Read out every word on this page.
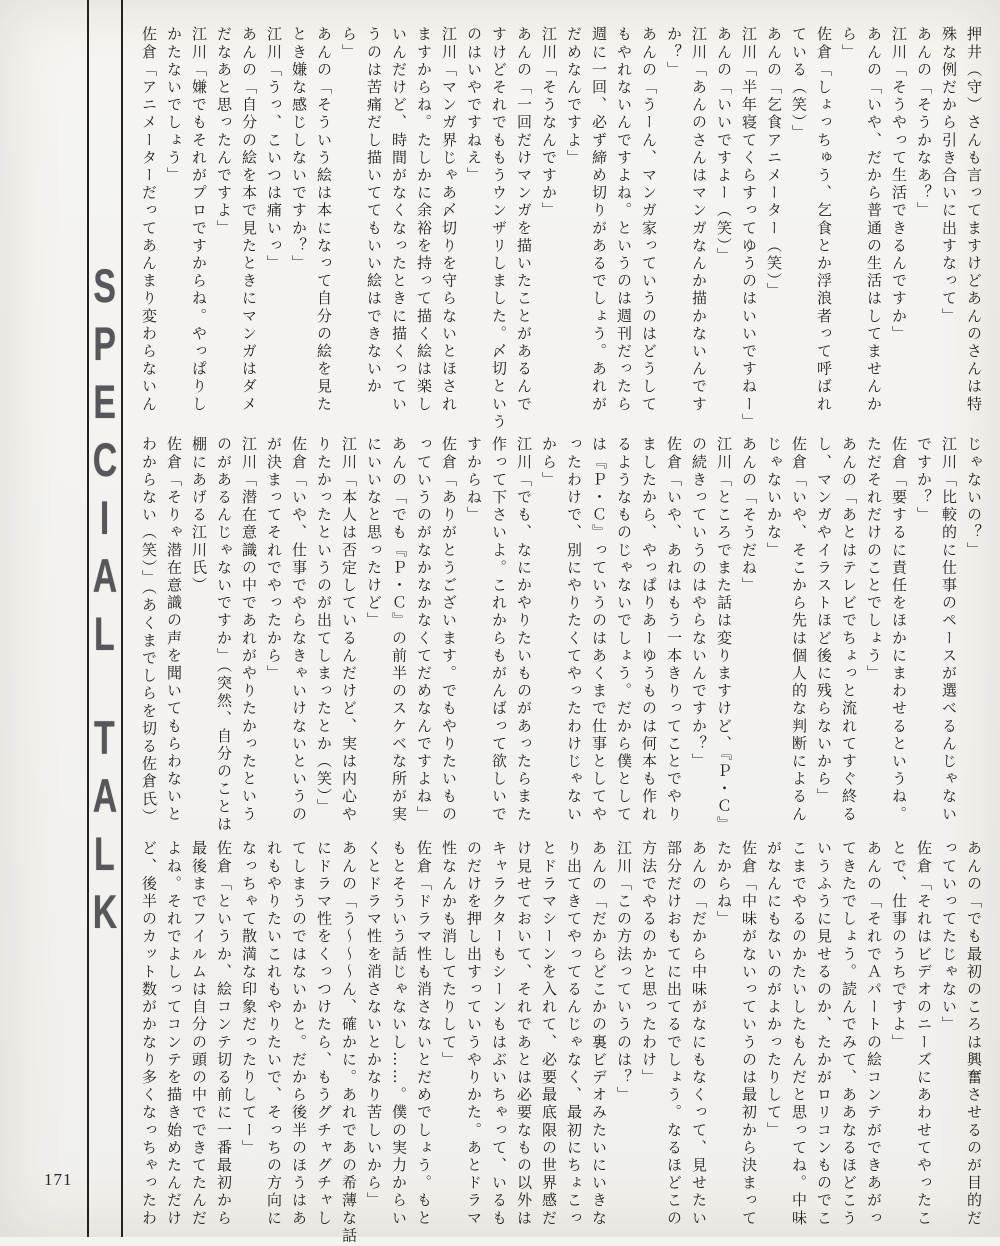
S
P
E
C
I
A
L
T
A
L
K
押井（守）さんも言ってますけどあんのさんは特
殊な例だから引き合いに出すなって」
あんの「そうかなあ？」
江川「そうやって生活できるんですか」
あんの「いや、だから普通の生活はしてませんか
ら」
佐倉「しょっちゅう、乞食とか浮浪者って呼ばれ
ている（笑）」
あんの「乞食アニメーター（笑）」
江川「半年寝てくらすってゆうのはいいですねー」
あんの「いいですよー（笑）」
江川「あんのさんはマンガなんか描かないんです
か？」
あんの「うーん、マンガ家っていうのはどうして
もやれないんですよね。というのは週刊だったら
週に一回、必ず締め切りがあるでしょう。あれが
だめなんですよ」
江川「そうなんですか」
あんの「一回だけマンガを描いたことがあるんで
すけどそれでももうウンザリしました。〆切という
のはいやですねえ」
江川「マンガ界じゃあ〆切りを守らないとほされ
ますからね。たしかに余裕を持って描く絵は楽し
いんだけど、時間がなくなったときに描くってい
うのは苦痛だし描いててもいい絵はできないか
ら」
あんの「そういう絵は本になって自分の絵を見た
とき嫌な感じしないですか？」
江川「うっ、こいつは痛いっ」
あんの「自分の絵を本で見たときにマンガはダメ
だなあと思ったんですよ」
江川「嫌でもそれがプロですからね。やっぱりし
かたないでしょう」
佐倉「アニメーターだってあんまり変わらないん
じゃないの？」
江川「比較的に仕事のペースが選べるんじゃない
ですか？」
佐倉「要するに責任をほかにまわせるというね。
ただそれだけのことでしょう」
あんの「あとはテレビでちょっと流れてすぐ終る
し、マンガやイラストほど後に残らないから」
佐倉「いや、そこから先は個人的な判断によるん
じゃないかな」
あんの「そうだね」
江川「ところでまた話は変りますけど、『Ｐ・Ｃ』
の続きっていうのはやらないんですか？」
佐倉「いや、あれはもう一本きりってことでやり
ましたから、やっぱりあーゆうものは何本も作れ
るようなものじゃないでしょう。だから僕として
は『Ｐ・Ｃ』っていうのはあくまで仕事としてや
ったわけで、別にやりたくてやったわけじゃない
から」
江川「でも、なにかやりたいものがあったらまた
作って下さいよ。これからもがんばって欲しいで
すからね」
佐倉「ありがとうございます。でもやりたいもの
っていうのがなかなかなくてだめなんですよね」
あんの「でも『Ｐ・Ｃ』の前半のスケベな所が実
にいいなと思ったけど」
江川「本人は否定しているんだけど、実は内心や
りたかったというのが出てしまったとか（笑）」
佐倉「いや、仕事でやらなきゃいけないというの
が決まってそれでやったから」
江川「潜在意識の中であれがやりたかったという
のがあるんじゃないですか」（突然、自分のことは
棚にあげる江川氏）
佐倉「そりゃ潜在意識の声を聞いてもらわないと
わからない（笑）」（あくまでしらを切る佐倉氏）
あんの「でも最初のころは興奮させるのが目的だ
っていってたじゃない」
佐倉「それはビデオのニーズにあわせてやったこ
とで、仕事のうちですよ」
あんの「それでＡパートの絵コンテができあがっ
てきたでしょう。読んでみて、ああなるほどこう
いうふうに見せるのか、たかがロリコンものでこ
こまでやるのかたいしたもんだと思ってね。中味
がなんにもないのがよかったりして」
佐倉「中味がないっていうのは最初から決まって
たからね」
あんの「だから中味がなにもなくって、見せたい
部分だけおもてに出てるでしょう。なるほどこの
方法でやるのかと思ったわけ」
江川「この方法っていうのは？」
あんの「だからどこかの裏ビデオみたいにいきな
り出てきてやってるんじゃなく、最初にちょこっ
とドラマシーンを入れて、必要最底限の世界感だ
け見せておいて、それであとは必要なもの以外は
キャラクターもシーンもはぶいちゃって、いるも
のだけを押し出すっていうやりかた。あとドラマ
性なんかも消してたりして」
佐倉「ドラマ性も消さないとだめでしょう。もと
もとそういう話じゃないし……。僕の実力からい
くとドラマ性を消さないとかなり苦しいから」
あんの「う～～～ん、確かに。あれであの希薄な話
にドラマ性をくっつけたら、もうグチャグチャし
てしまうのではないかと。だから後半のほうはあ
れもやりたいこれもやりたいで、そっちの方向に
なっちゃて散満な印象だったりしてー」
佐倉「というか、絵コンテ切る前に一番最初から
最後までフイルムは自分の頭の中でできてたんだ
よね。それでよしってコンテを描き始めたんだけ
ど、後半のカット数がかなり多くなっちゃったわ
171
